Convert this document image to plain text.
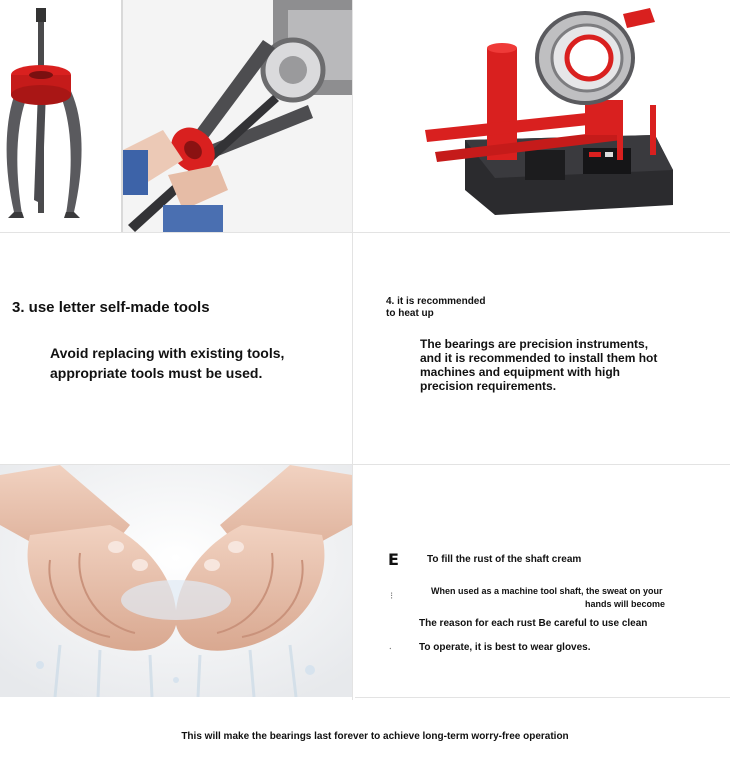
3. use letter self-made tools

Avoid replacing with existing tools, appropriate tools must be used.

4. it is recommended

to heat up

The bearings are precision instruments, and it is recommended to install them hot machines and equipment with high precision requirements.

E	To fill the rust of the shaft cream

⁝	When used as a machine tool shaft, the sweat on your

hands will become

The reason for each rust Be careful to use clean

⸱	To operate, it is best to wear gloves.

This will make the bearings last forever to achieve long-term worry-free operation
